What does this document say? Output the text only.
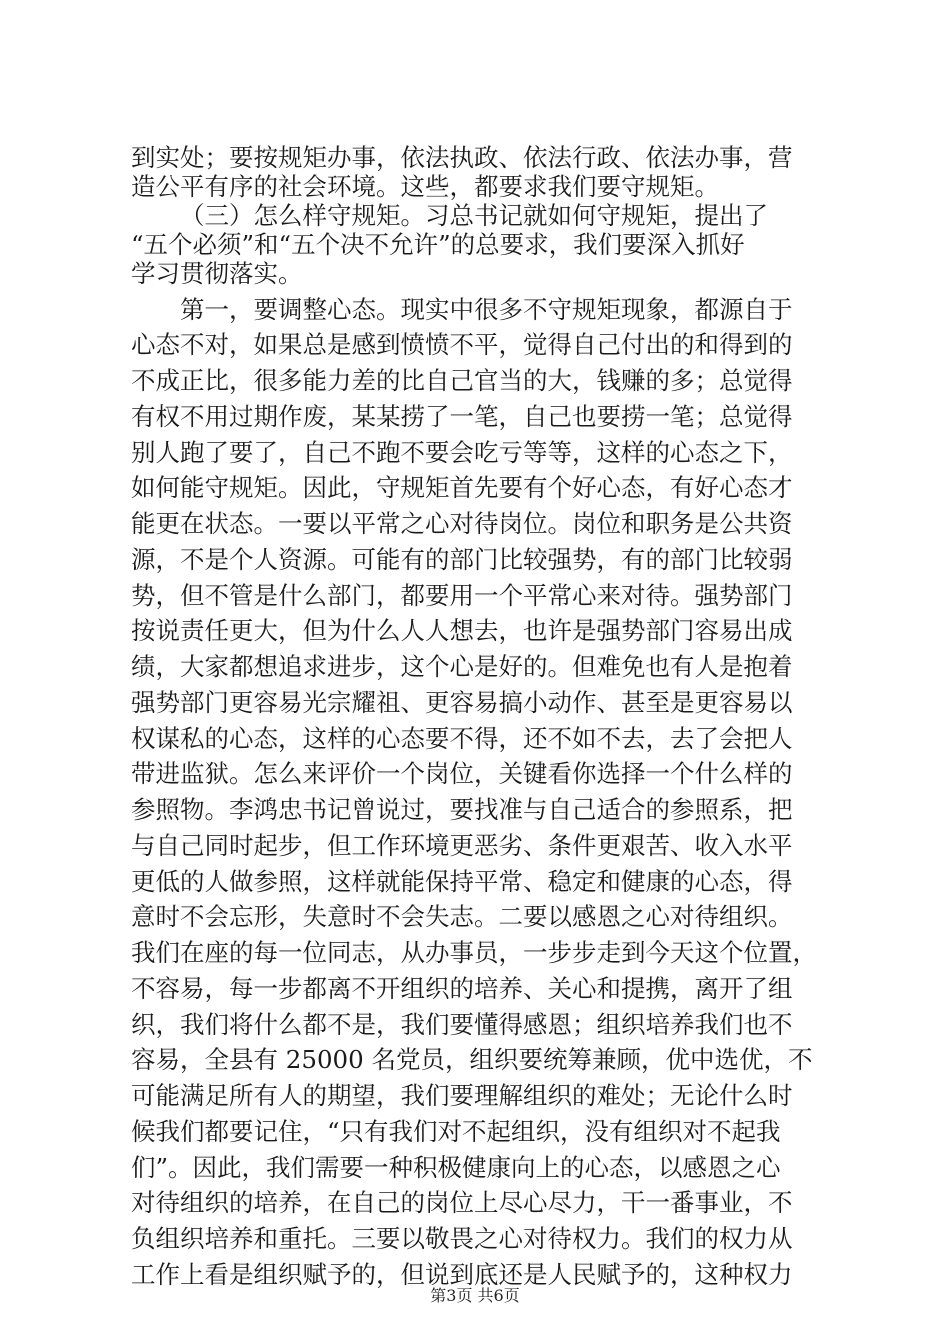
到实处；要按规矩办事，依法执政、依法行政、依法办事，营
造公平有序的社会环境。这些，都要求我们要守规矩。
（三）怎么样守规矩。习总书记就如何守规矩，提出了
“五个必须”和“五个决不允许”的总要求，我们要深入抓好
学习贯彻落实。
第一，要调整心态。现实中很多不守规矩现象，都源自于
心态不对，如果总是感到愤愤不平，觉得自己付出的和得到的
不成正比，很多能力差的比自己官当的大，钱赚的多；总觉得
有权不用过期作废，某某捞了一笔，自己也要捞一笔；总觉得
别人跑了要了，自己不跑不要会吃亏等等，这样的心态之下，
如何能守规矩。因此，守规矩首先要有个好心态，有好心态才
能更在状态。一要以平常之心对待岗位。岗位和职务是公共资
源，不是个人资源。可能有的部门比较强势，有的部门比较弱
势，但不管是什么部门，都要用一个平常心来对待。强势部门
按说责任更大，但为什么人人想去，也许是强势部门容易出成
绩，大家都想追求进步，这个心是好的。但难免也有人是抱着
强势部门更容易光宗耀祖、更容易搞小动作、甚至是更容易以
权谋私的心态，这样的心态要不得，还不如不去，去了会把人
带进监狱。怎么来评价一个岗位，关键看你选择一个什么样的
参照物。李鸿忠书记曾说过，要找准与自己适合的参照系，把
与自己同时起步，但工作环境更恶劣、条件更艰苦、收入水平
更低的人做参照，这样就能保持平常、稳定和健康的心态，得
意时不会忘形，失意时不会失志。二要以感恩之心对待组织。
我们在座的每一位同志，从办事员，一步步走到今天这个位置，
不容易，每一步都离不开组织的培养、关心和提携，离开了组
织，我们将什么都不是，我们要懂得感恩；组织培养我们也不
容易，全县有 25000 名党员，组织要统筹兼顾，优中选优，不
可能满足所有人的期望，我们要理解组织的难处；无论什么时
候我们都要记住，“只有我们对不起组织，没有组织对不起我
们”。因此，我们需要一种积极健康向上的心态，以感恩之心
对待组织的培养，在自己的岗位上尽心尽力，干一番事业，不
负组织培养和重托。三要以敬畏之心对待权力。我们的权力从
工作上看是组织赋予的，但说到底还是人民赋予的，这种权力
第3页 共6页
